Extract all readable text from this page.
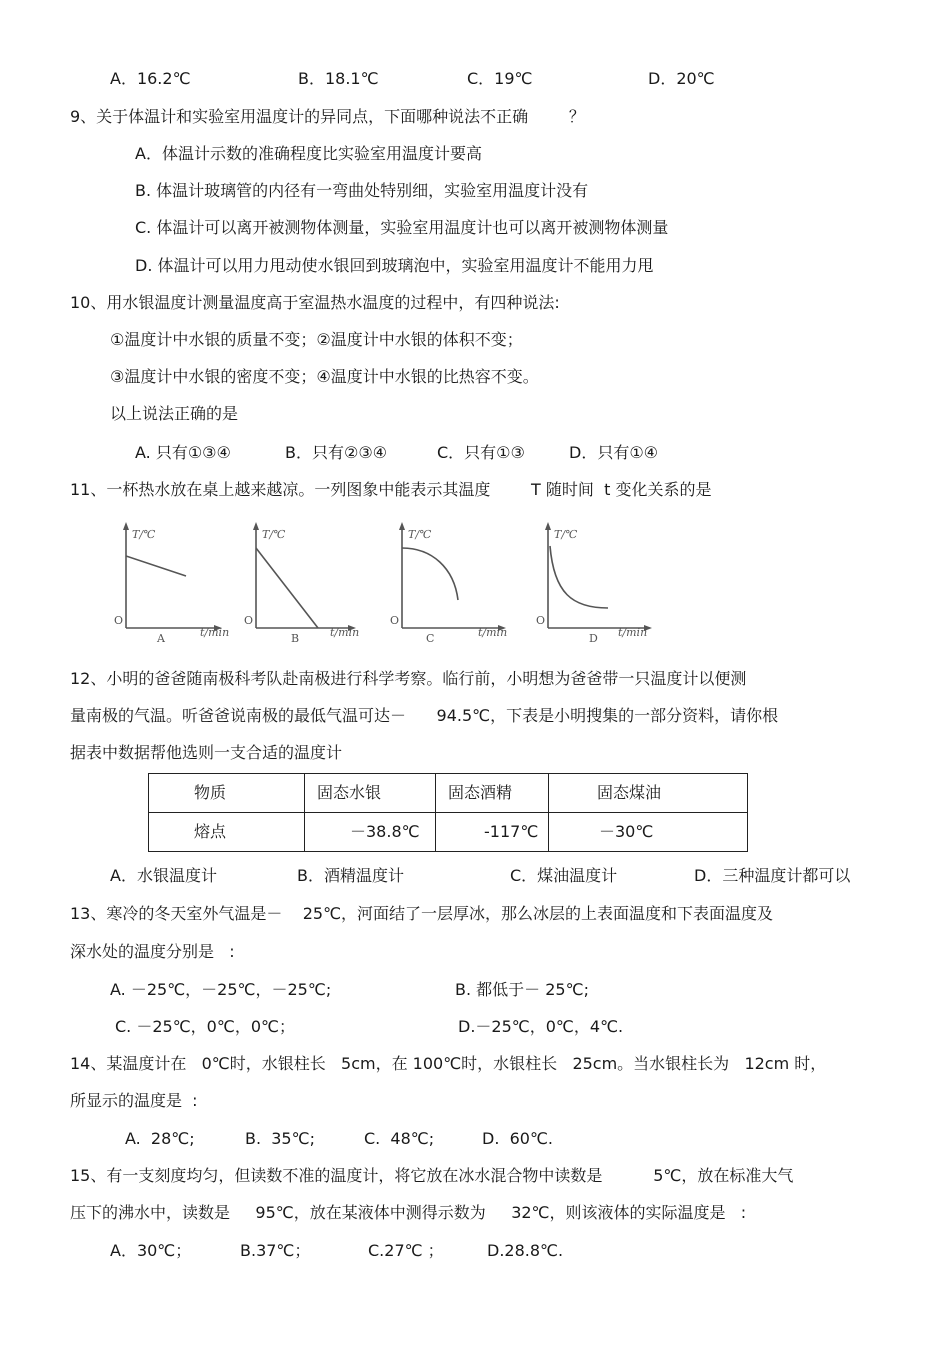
A．16.2℃	B．18.1℃	C．19℃	D．20℃
9、关于体温计和实验室用温度计的异同点，下面哪种说法不正确        ？
A．体温计示数的准确程度比实验室用温度计要高
B. 体温计玻璃管的内径有一弯曲处特别细，实验室用温度计没有
C. 体温计可以离开被测物体测量，实验室用温度计也可以离开被测物体测量
D. 体温计可以用力甩动使水银回到玻璃泡中，实验室用温度计不能用力甩
10、用水银温度计测量温度高于室温热水温度的过程中，有四种说法:
①温度计中水银的质量不变；②温度计中水银的体积不变；
③温度计中水银的密度不变；④温度计中水银的比热容不变。
以上说法正确的是
A. 只有①③④	B．只有②③④	C．只有①③	D．只有①④
11、一杯热水放在桌上越来越凉。一列图象中能表示其温度        T 随时间  t 变化关系的是
T/℃
O
t/min
A
T/℃
O
t/min
B
T/℃
O
t/min
C
T/℃
O
t/min
D
12、小明的爸爸随南极科考队赴南极进行科学考察。临行前，小明想为爸爸带一只温度计以便测
量南极的气温。听爸爸说南极的最低气温可达－      94.5℃，下表是小明搜集的一部分资料，请你根
据表中数据帮他选则一支合适的温度计
物质	固态水银	固态酒精	固态煤油
熔点	－38.8℃	-117℃	－30℃
A．水银温度计	B．酒精温度计	C．煤油温度计	D．三种温度计都可以
13、寒冷的冬天室外气温是－    25℃，河面结了一层厚冰，那么冰层的上表面温度和下表面温度及
深水处的温度分别是   :
A. －25℃，－25℃，－25℃;	B. 都低于－ 25℃;
C. －25℃，0℃，0℃；	D.－25℃，0℃，4℃.
14、某温度计在   0℃时，水银柱长   5cm，在 100℃时，水银柱长   25cm。当水银柱长为   12cm 时，
所显示的温度是  :
A.  28℃;	B.  35℃;	C.  48℃;	D.  60℃.
15、有一支刻度均匀，但读数不准的温度计，将它放在冰水混合物中读数是          5℃，放在标准大气
压下的沸水中，读数是     95℃，放在某液体中测得示数为     32℃，则该液体的实际温度是   :
A．30℃；	B.37℃；	C.27℃ ；	D.28.8℃.
